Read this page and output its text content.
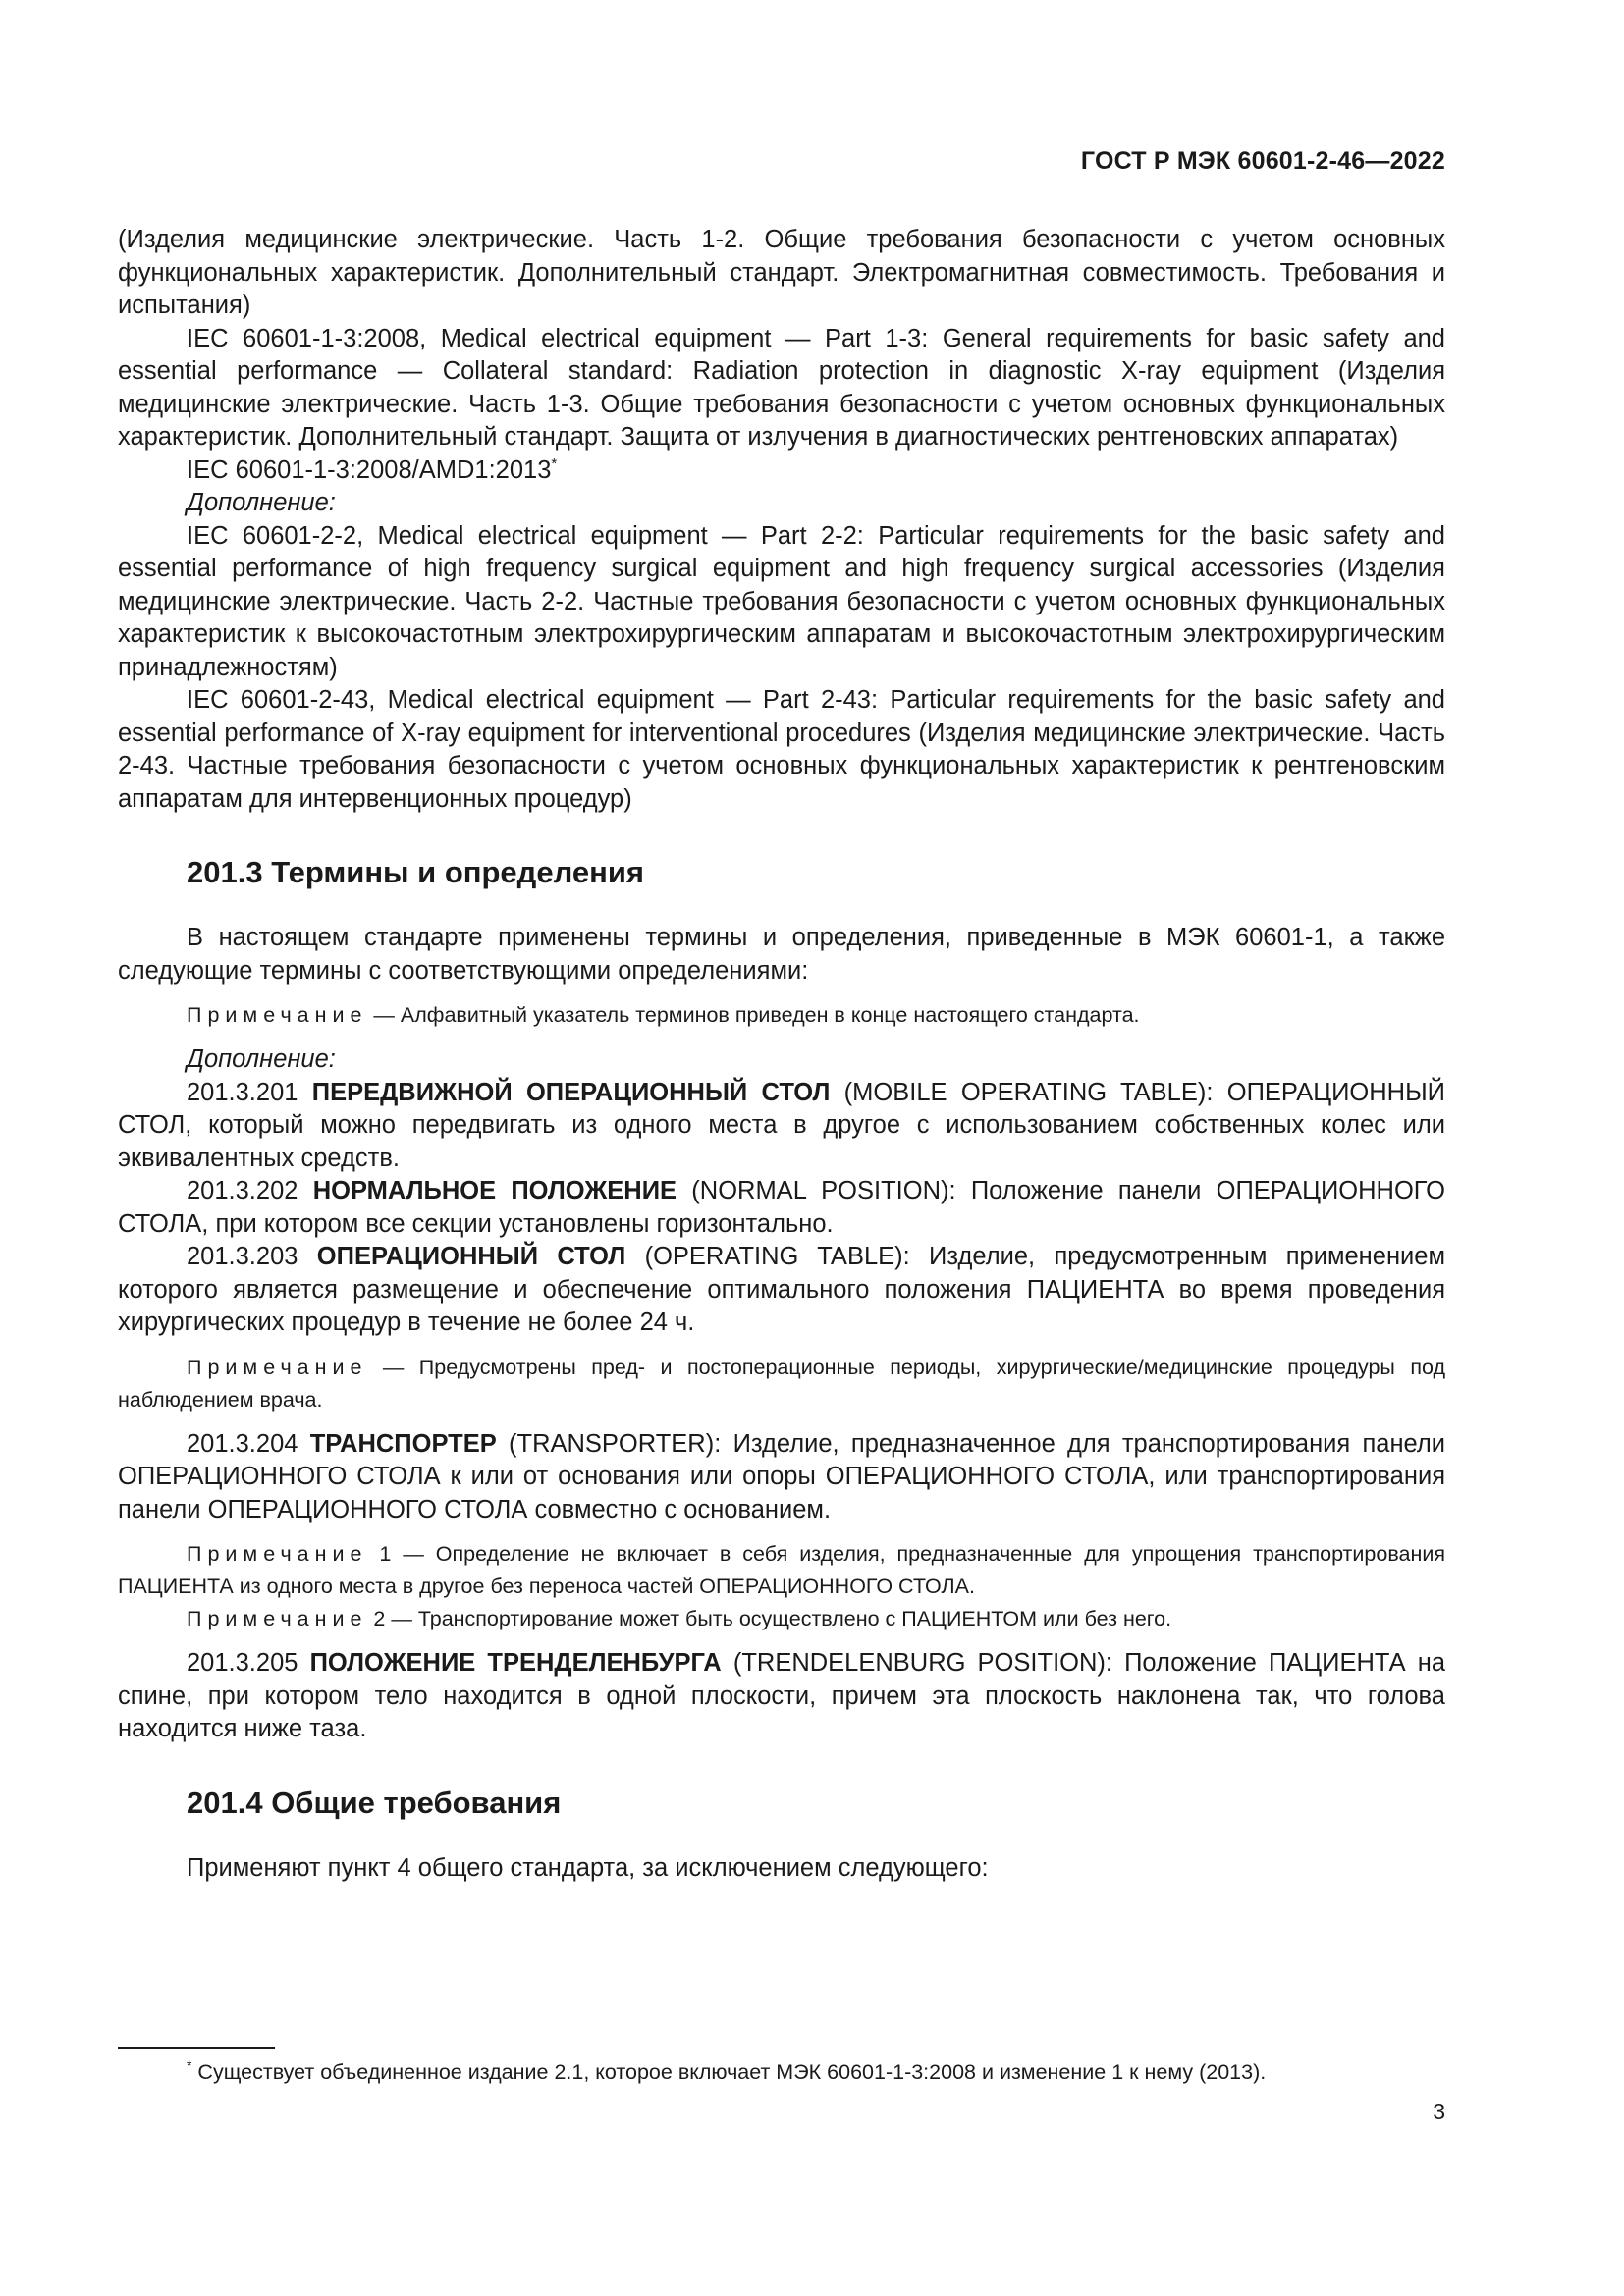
ГОСТ Р МЭК 60601-2-46—2022

(Изделия медицинские электрические. Часть 1-2. Общие требования безопасности с учетом основных функциональных характеристик. Дополнительный стандарт. Электромагнитная совместимость. Требования и испытания)

IEC 60601-1-3:2008, Medical electrical equipment — Part 1-3: General requirements for basic safety and essential performance — Collateral standard: Radiation protection in diagnostic X-ray equipment (Изделия медицинские электрические. Часть 1-3. Общие требования безопасности с учетом основных функциональных характеристик. Дополнительный стандарт. Защита от излучения в диагностических рентгеновских аппаратах)

IEC 60601-1-3:2008/AMD1:2013*

Дополнение:

IEC 60601-2-2, Medical electrical equipment — Part 2-2: Particular requirements for the basic safety and essential performance of high frequency surgical equipment and high frequency surgical accessories (Изделия медицинские электрические. Часть 2-2. Частные требования безопасности с учетом основных функциональных характеристик к высокочастотным электрохирургическим аппаратам и высокочастотным электрохирургическим принадлежностям)

IEC 60601-2-43, Medical electrical equipment — Part 2-43: Particular requirements for the basic safety and essential performance of X-ray equipment for interventional procedures (Изделия медицинские электрические. Часть 2-43. Частные требования безопасности с учетом основных функциональных характеристик к рентгеновским аппаратам для интервенционных процедур)

201.3 Термины и определения

В настоящем стандарте применены термины и определения, приведенные в МЭК 60601-1, а также следующие термины с соответствующими определениями:

Примечание — Алфавитный указатель терминов приведен в конце настоящего стандарта.

Дополнение:

201.3.201 ПЕРЕДВИЖНОЙ ОПЕРАЦИОННЫЙ СТОЛ (MOBILE OPERATING TABLE): ОПЕРАЦИОННЫЙ СТОЛ, который можно передвигать из одного места в другое с использованием собственных колес или эквивалентных средств.

201.3.202 НОРМАЛЬНОЕ ПОЛОЖЕНИЕ (NORMAL POSITION): Положение панели ОПЕРАЦИОННОГО СТОЛА, при котором все секции установлены горизонтально.

201.3.203 ОПЕРАЦИОННЫЙ СТОЛ (OPERATING TABLE): Изделие, предусмотренным применением которого является размещение и обеспечение оптимального положения ПАЦИЕНТА во время проведения хирургических процедур в течение не более 24 ч.

Примечание — Предусмотрены пред- и постоперационные периоды, хирургические/медицинские процедуры под наблюдением врача.

201.3.204 ТРАНСПОРТЕР (TRANSPORTER): Изделие, предназначенное для транспортирования панели ОПЕРАЦИОННОГО СТОЛА к или от основания или опоры ОПЕРАЦИОННОГО СТОЛА, или транспортирования панели ОПЕРАЦИОННОГО СТОЛА совместно с основанием.

Примечание 1 — Определение не включает в себя изделия, предназначенные для упрощения транспортирования ПАЦИЕНТА из одного места в другое без переноса частей ОПЕРАЦИОННОГО СТОЛА.

Примечание 2 — Транспортирование может быть осуществлено с ПАЦИЕНТОМ или без него.

201.3.205 ПОЛОЖЕНИЕ ТРЕНДЕЛЕНБУРГА (TRENDELENBURG POSITION): Положение ПАЦИЕНТА на спине, при котором тело находится в одной плоскости, причем эта плоскость наклонена так, что голова находится ниже таза.

201.4 Общие требования

Применяют пункт 4 общего стандарта, за исключением следующего:

* Существует объединенное издание 2.1, которое включает МЭК 60601-1-3:2008 и изменение 1 к нему (2013).
3
